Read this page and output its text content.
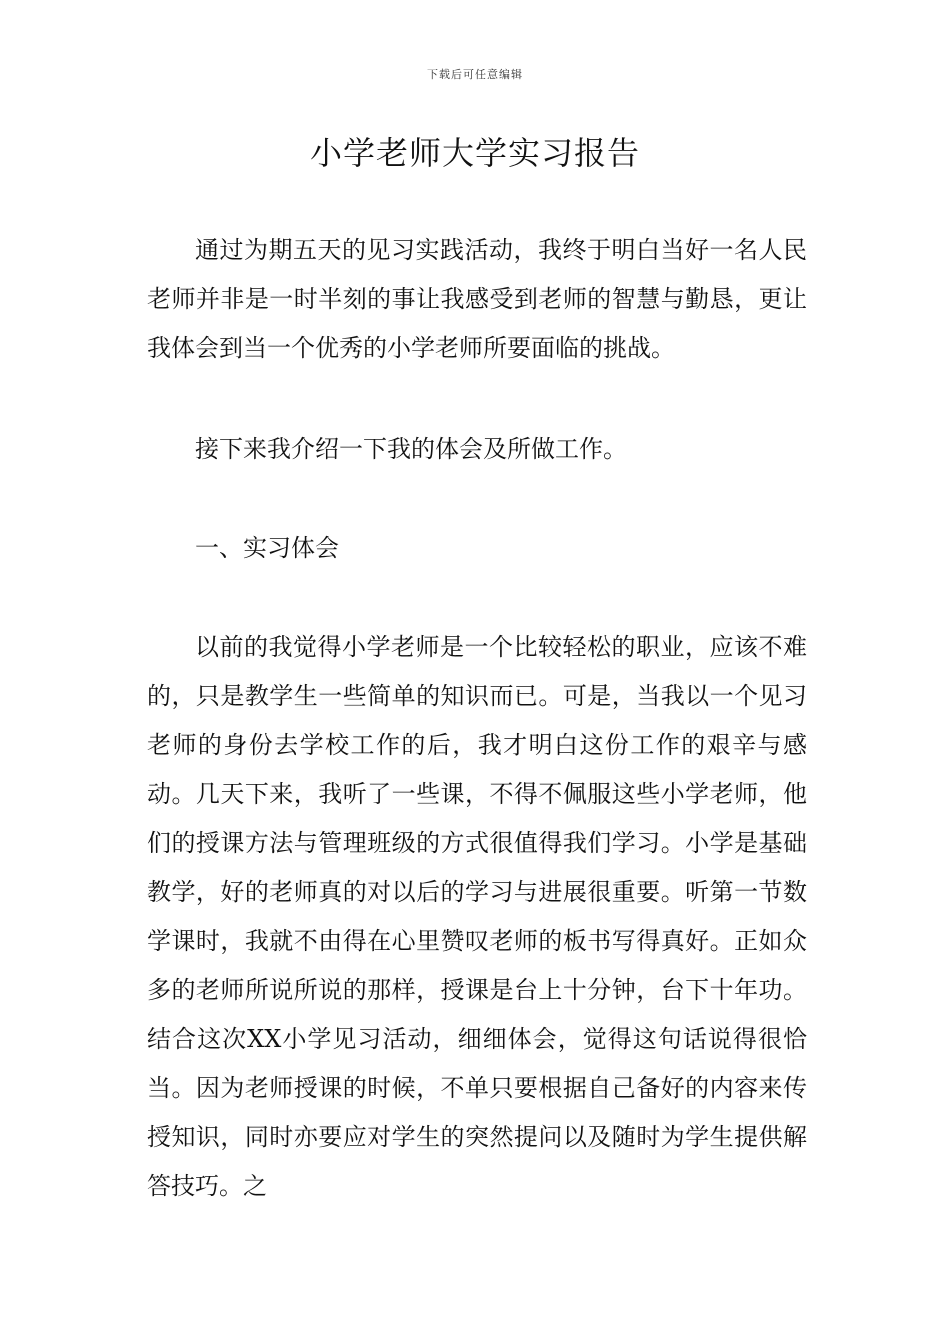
下载后可任意编辑
小学老师大学实习报告

通过为期五天的见习实践活动，我终于明白当好一名人民老师并非是一时半刻的事让我感受到老师的智慧与勤恳，更让我体会到当一个优秀的小学老师所要面临的挑战。

接下来我介绍一下我的体会及所做工作。

一、实习体会

以前的我觉得小学老师是一个比较轻松的职业，应该不难的，只是教学生一些简单的知识而已。可是，当我以一个见习老师的身份去学校工作的后，我才明白这份工作的艰辛与感动。几天下来，我听了一些课，不得不佩服这些小学老师，他们的授课方法与管理班级的方式很值得我们学习。小学是基础教学，好的老师真的对以后的学习与进展很重要。听第一节数学课时，我就不由得在心里赞叹老师的板书写得真好。正如众多的老师所说所说的那样，授课是台上十分钟，台下十年功。结合这次XX小学见习活动，细细体会，觉得这句话说得很恰当。因为老师授课的时候，不单只要根据自己备好的内容来传授知识，同时亦要应对学生的突然提问以及随时为学生提供解答技巧。之
